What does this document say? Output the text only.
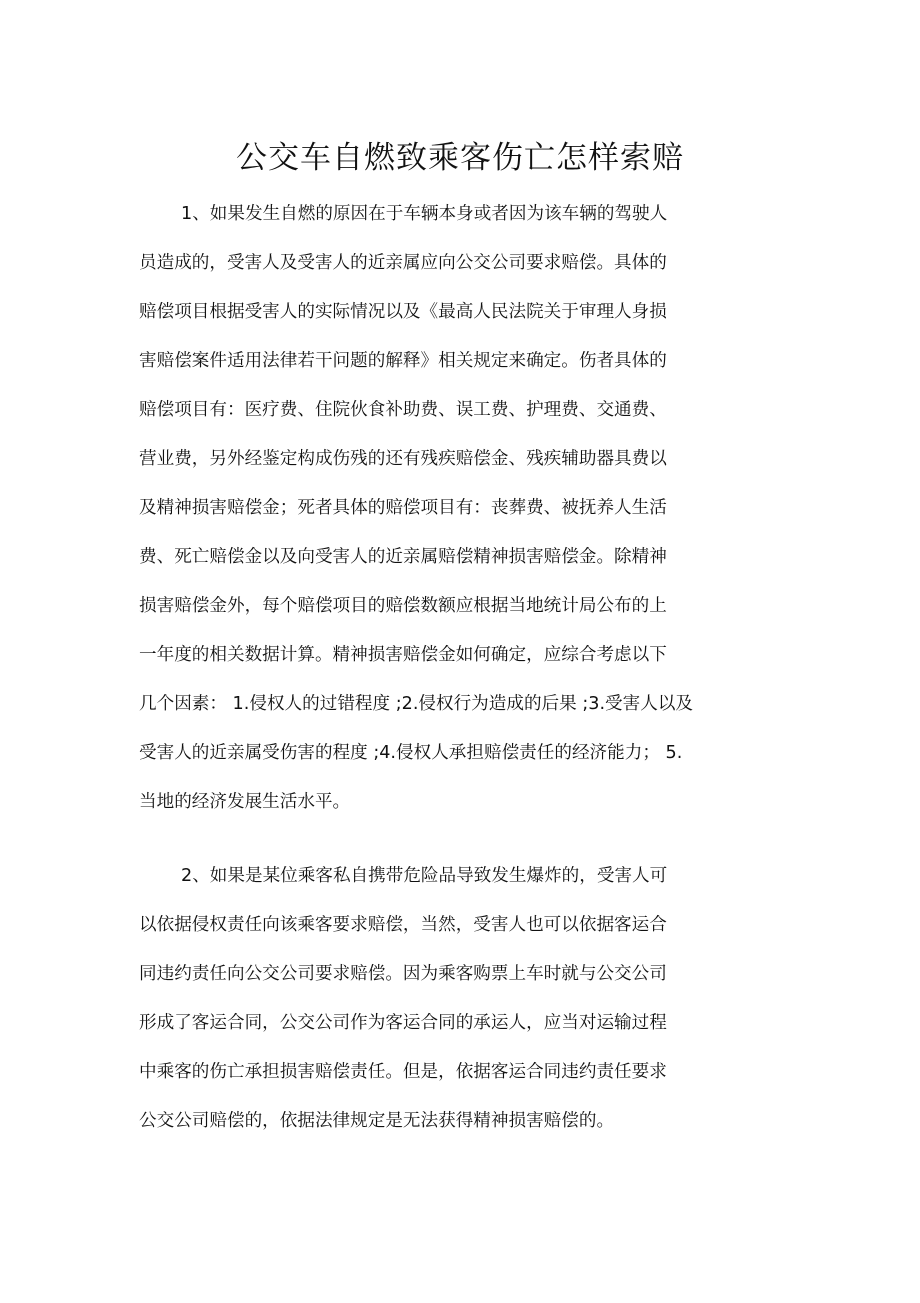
公交车自燃致乘客伤亡怎样索赔
1、如果发生自燃的原因在于车辆本身或者因为该车辆的驾驶人
员造成的，受害人及受害人的近亲属应向公交公司要求赔偿。具体的
赔偿项目根据受害人的实际情况以及《最高人民法院关于审理人身损
害赔偿案件适用法律若干问题的解释》相关规定来确定。伤者具体的
赔偿项目有：医疗费、住院伙食补助费、误工费、护理费、交通费、
营业费，另外经鉴定构成伤残的还有残疾赔偿金、残疾辅助器具费以
及精神损害赔偿金；死者具体的赔偿项目有：丧葬费、被抚养人生活
费、死亡赔偿金以及向受害人的近亲属赔偿精神损害赔偿金。除精神
损害赔偿金外，每个赔偿项目的赔偿数额应根据当地统计局公布的上
一年度的相关数据计算。精神损害赔偿金如何确定，应综合考虑以下
几个因素： 1.侵权人的过错程度 ;2.侵权行为造成的后果 ;3.受害人以及
受害人的近亲属受伤害的程度 ;4.侵权人承担赔偿责任的经济能力； 5.
当地的经济发展生活水平。
2、如果是某位乘客私自携带危险品导致发生爆炸的，受害人可
以依据侵权责任向该乘客要求赔偿，当然，受害人也可以依据客运合
同违约责任向公交公司要求赔偿。因为乘客购票上车时就与公交公司
形成了客运合同，公交公司作为客运合同的承运人，应当对运输过程
中乘客的伤亡承担损害赔偿责任。但是，依据客运合同违约责任要求
公交公司赔偿的，依据法律规定是无法获得精神损害赔偿的。
